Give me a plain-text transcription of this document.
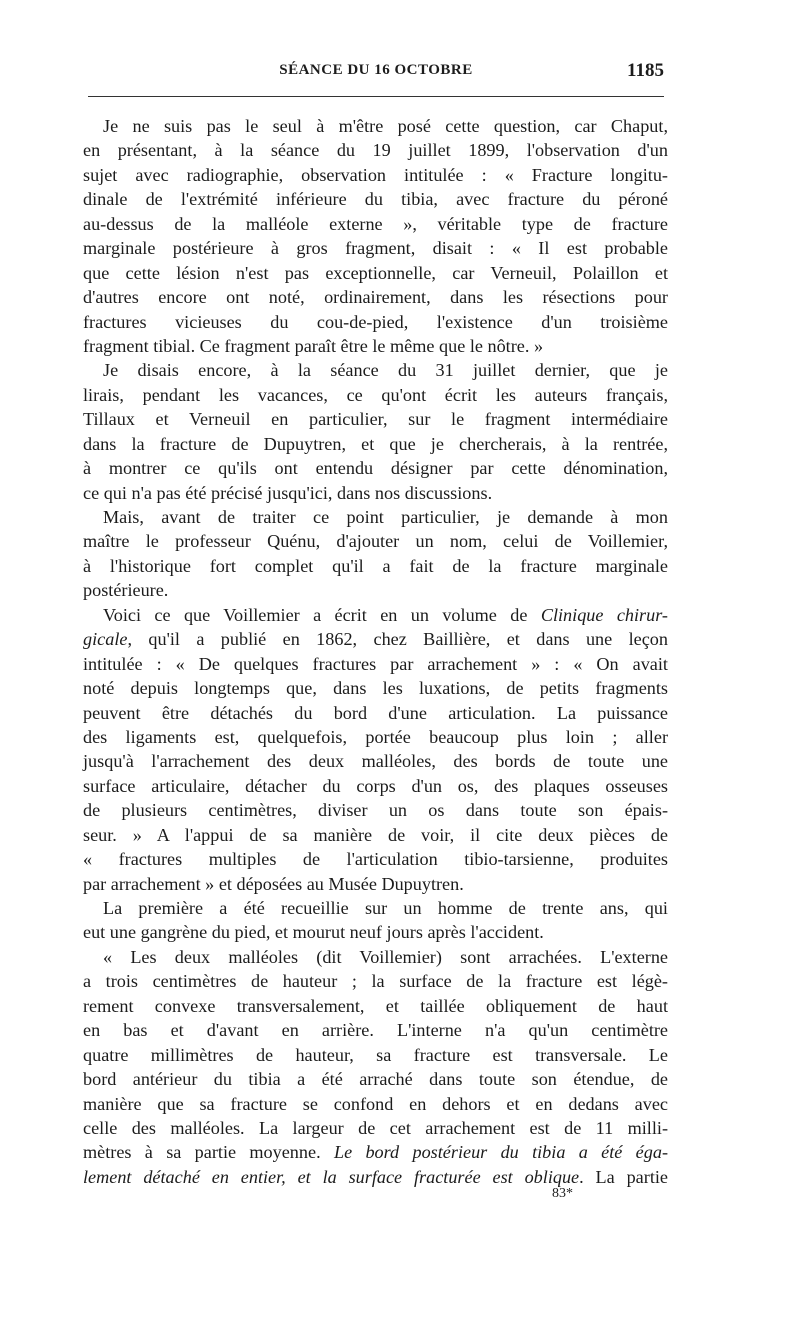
SÉANCE DU 16 OCTOBRE	1185
Je ne suis pas le seul à m'être posé cette question, car Chaput,
en présentant, à la séance du 19 juillet 1899, l'observation d'un
sujet avec radiographie, observation intitulée : « Fracture longitu-
dinale de l'extrémité inférieure du tibia, avec fracture du péroné
au-dessus de la malléole externe », véritable type de fracture
marginale postérieure à gros fragment, disait : « Il est probable
que cette lésion n'est pas exceptionnelle, car Verneuil, Polaillon et
d'autres encore ont noté, ordinairement, dans les résections pour
fractures vicieuses du cou-de-pied, l'existence d'un troisième
fragment tibial. Ce fragment paraît être le même que le nôtre. »
Je disais encore, à la séance du 31 juillet dernier, que je
lirais, pendant les vacances, ce qu'ont écrit les auteurs français,
Tillaux et Verneuil en particulier, sur le fragment intermédiaire
dans la fracture de Dupuytren, et que je chercherais, à la rentrée,
à montrer ce qu'ils ont entendu désigner par cette dénomination,
ce qui n'a pas été précisé jusqu'ici, dans nos discussions.
Mais, avant de traiter ce point particulier, je demande à mon
maître le professeur Quénu, d'ajouter un nom, celui de Voillemier,
à l'historique fort complet qu'il a fait de la fracture marginale
postérieure.
Voici ce que Voillemier a écrit en un volume de Clinique chirur-
gicale, qu'il a publié en 1862, chez Baillière, et dans une leçon
intitulée : « De quelques fractures par arrachement » : « On avait
noté depuis longtemps que, dans les luxations, de petits fragments
peuvent être détachés du bord d'une articulation. La puissance
des ligaments est, quelquefois, portée beaucoup plus loin ; aller
jusqu'à l'arrachement des deux malléoles, des bords de toute une
surface articulaire, détacher du corps d'un os, des plaques osseuses
de plusieurs centimètres, diviser un os dans toute son épais-
seur. » A l'appui de sa manière de voir, il cite deux pièces de
« fractures multiples de l'articulation tibio-tarsienne, produites
par arrachement » et déposées au Musée Dupuytren.
La première a été recueillie sur un homme de trente ans, qui
eut une gangrène du pied, et mourut neuf jours après l'accident.
« Les deux malléoles (dit Voillemier) sont arrachées. L'externe
a trois centimètres de hauteur ; la surface de la fracture est légè-
rement convexe transversalement, et taillée obliquement de haut
en bas et d'avant en arrière. L'interne n'a qu'un centimètre
quatre millimètres de hauteur, sa fracture est transversale. Le
bord antérieur du tibia a été arraché dans toute son étendue, de
manière que sa fracture se confond en dehors et en dedans avec
celle des malléoles. La largeur de cet arrachement est de 11 milli-
mètres à sa partie moyenne. Le bord postérieur du tibia a été éga-
lement détaché en entier, et la surface fracturée est oblique. La partie
83*
